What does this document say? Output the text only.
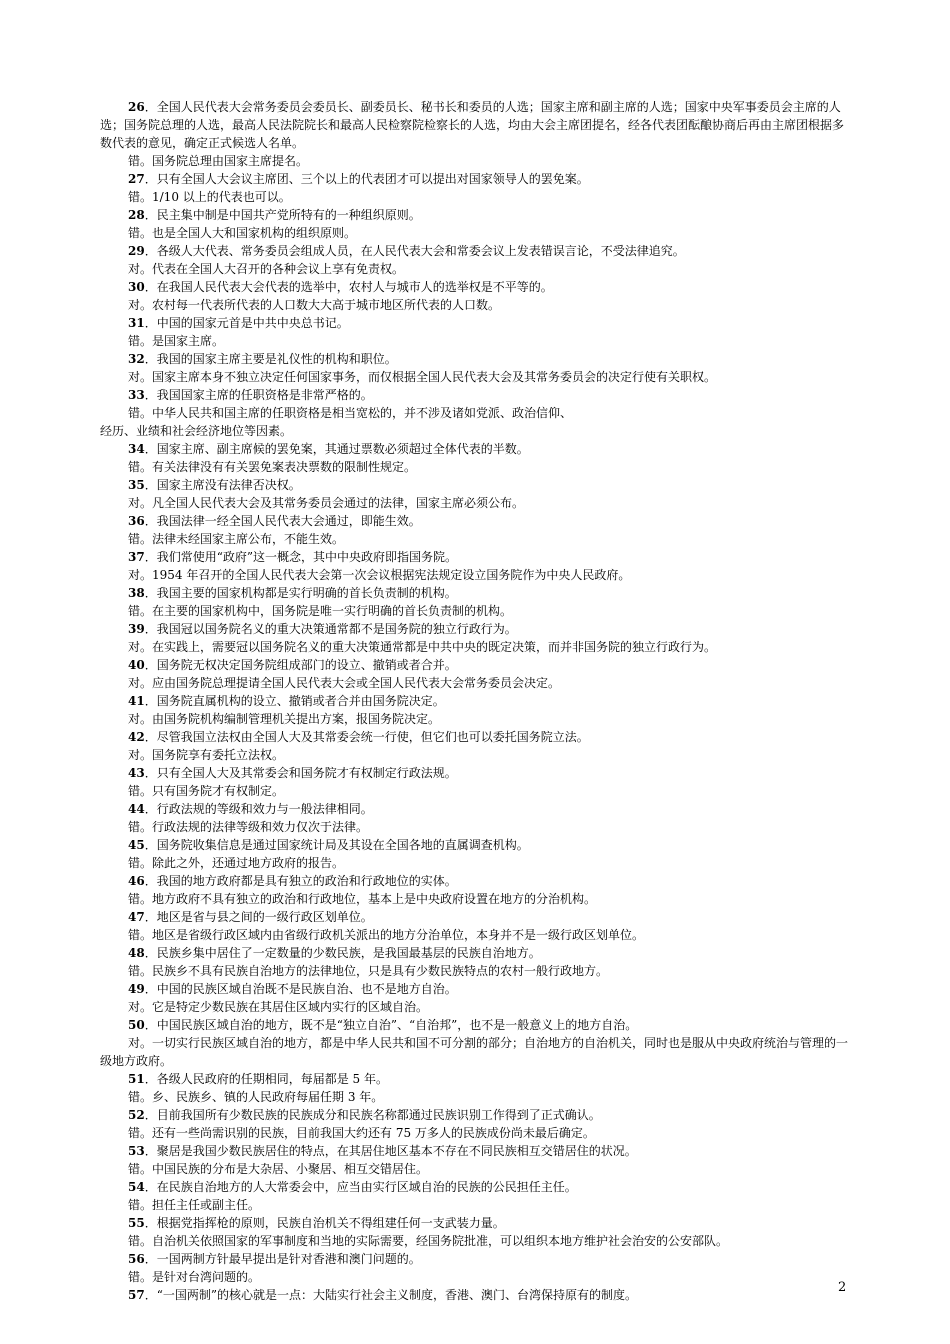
26．全国人民代表大会常务委员会委员长、副委员长、秘书长和委员的人选；国家主席和副主席的人选；国家中央军事委员会主席的人选；国务院总理的人选，最高人民法院院长和最高人民检察院检察长的人选，均由大会主席团提名，经各代表团酝酿协商后再由主席团根据多数代表的意见，确定正式候选人名单。

错。国务院总理由国家主席提名。

27．只有全国人大会议主席团、三个以上的代表团才可以提出对国家领导人的罢免案。

错。1/10 以上的代表也可以。

28．民主集中制是中国共产党所特有的一种组织原则。

错。也是全国人大和国家机构的组织原则。

29．各级人大代表、常务委员会组成人员，在人民代表大会和常委会议上发表错误言论，不受法律追究。

对。代表在全国人大召开的各种会议上享有免责权。

30．在我国人民代表大会代表的选举中，农村人与城市人的选举权是不平等的。

对。农村每一代表所代表的人口数大大高于城市地区所代表的人口数。

31．中国的国家元首是中共中央总书记。

错。是国家主席。

32．我国的国家主席主要是礼仪性的机构和职位。

对。国家主席本身不独立决定任何国家事务，而仅根据全国人民代表大会及其常务委员会的决定行使有关职权。

33．我国国家主席的任职资格是非常严格的。

错。中华人民共和国主席的任职资格是相当宽松的，并不涉及诸如党派、政治信仰、

经历、业绩和社会经济地位等因素。

34．国家主席、副主席候的罢免案，其通过票数必须超过全体代表的半数。

错。有关法律没有有关罢免案表决票数的限制性规定。

35．国家主席没有法律否决权。

对。凡全国人民代表大会及其常务委员会通过的法律，国家主席必须公布。

36．我国法律一经全国人民代表大会通过，即能生效。

错。法律未经国家主席公布，不能生效。

37．我们常使用“政府”这一概念，其中中央政府即指国务院。

对。1954 年召开的全国人民代表大会第一次会议根据宪法规定设立国务院作为中央人民政府。

38．我国主要的国家机构都是实行明确的首长负责制的机构。

错。在主要的国家机构中，国务院是唯一实行明确的首长负责制的机构。

39．我国冠以国务院名义的重大决策通常都不是国务院的独立行政行为。

对。在实践上，需要冠以国务院名义的重大决策通常都是中共中央的既定决策，而并非国务院的独立行政行为。

40．国务院无权决定国务院组成部门的设立、撤销或者合并。

对。应由国务院总理提请全国人民代表大会或全国人民代表大会常务委员会决定。

41．国务院直属机构的设立、撤销或者合并由国务院决定。

对。由国务院机构编制管理机关提出方案，报国务院决定。

42．尽管我国立法权由全国人大及其常委会统一行使，但它们也可以委托国务院立法。

对。国务院享有委托立法权。

43．只有全国人大及其常委会和国务院才有权制定行政法规。

错。只有国务院才有权制定。

44．行政法规的等级和效力与一般法律相同。

错。行政法规的法律等级和效力仅次于法律。

45．国务院收集信息是通过国家统计局及其设在全国各地的直属调查机构。

错。除此之外，还通过地方政府的报告。

46．我国的地方政府都是具有独立的政治和行政地位的实体。

错。地方政府不具有独立的政治和行政地位，基本上是中央政府设置在地方的分治机构。

47．地区是省与县之间的一级行政区划单位。

错。地区是省级行政区域内由省级行政机关派出的地方分治单位，本身并不是一级行政区划单位。

48．民族乡集中居住了一定数量的少数民族，是我国最基层的民族自治地方。

错。民族乡不具有民族自治地方的法律地位，只是具有少数民族特点的农村一般行政地方。

49．中国的民族区域自治既不是民族自治、也不是地方自治。

对。它是特定少数民族在其居住区域内实行的区域自治。

50．中国民族区域自治的地方，既不是“独立自治”、“自治邦”，也不是一般意义上的地方自治。

对。一切实行民族区域自治的地方，都是中华人民共和国不可分割的部分；自治地方的自治机关，同时也是服从中央政府统治与管理的一级地方政府。

51．各级人民政府的任期相同，每届都是 5 年。

错。乡、民族乡、镇的人民政府每届任期 3 年。

52．目前我国所有少数民族的民族成分和民族名称都通过民族识别工作得到了正式确认。

错。还有一些尚需识别的民族，目前我国大约还有 75 万多人的民族成份尚未最后确定。

53．聚居是我国少数民族居住的特点，在其居住地区基本不存在不同民族相互交错居住的状况。

错。中国民族的分布是大杂居、小聚居、相互交错居住。

54．在民族自治地方的人大常委会中，应当由实行区域自治的民族的公民担任主任。

错。担任主任或副主任。

55．根据党指挥枪的原则，民族自治机关不得组建任何一支武装力量。

错。自治机关依照国家的军事制度和当地的实际需要，经国务院批准，可以组织本地方维护社会治安的公安部队。

56．一国两制方针最早提出是针对香港和澳门问题的。

错。是针对台湾问题的。

57．“一国两制”的核心就是一点：大陆实行社会主义制度，香港、澳门、台湾保持原有的制度。	2
